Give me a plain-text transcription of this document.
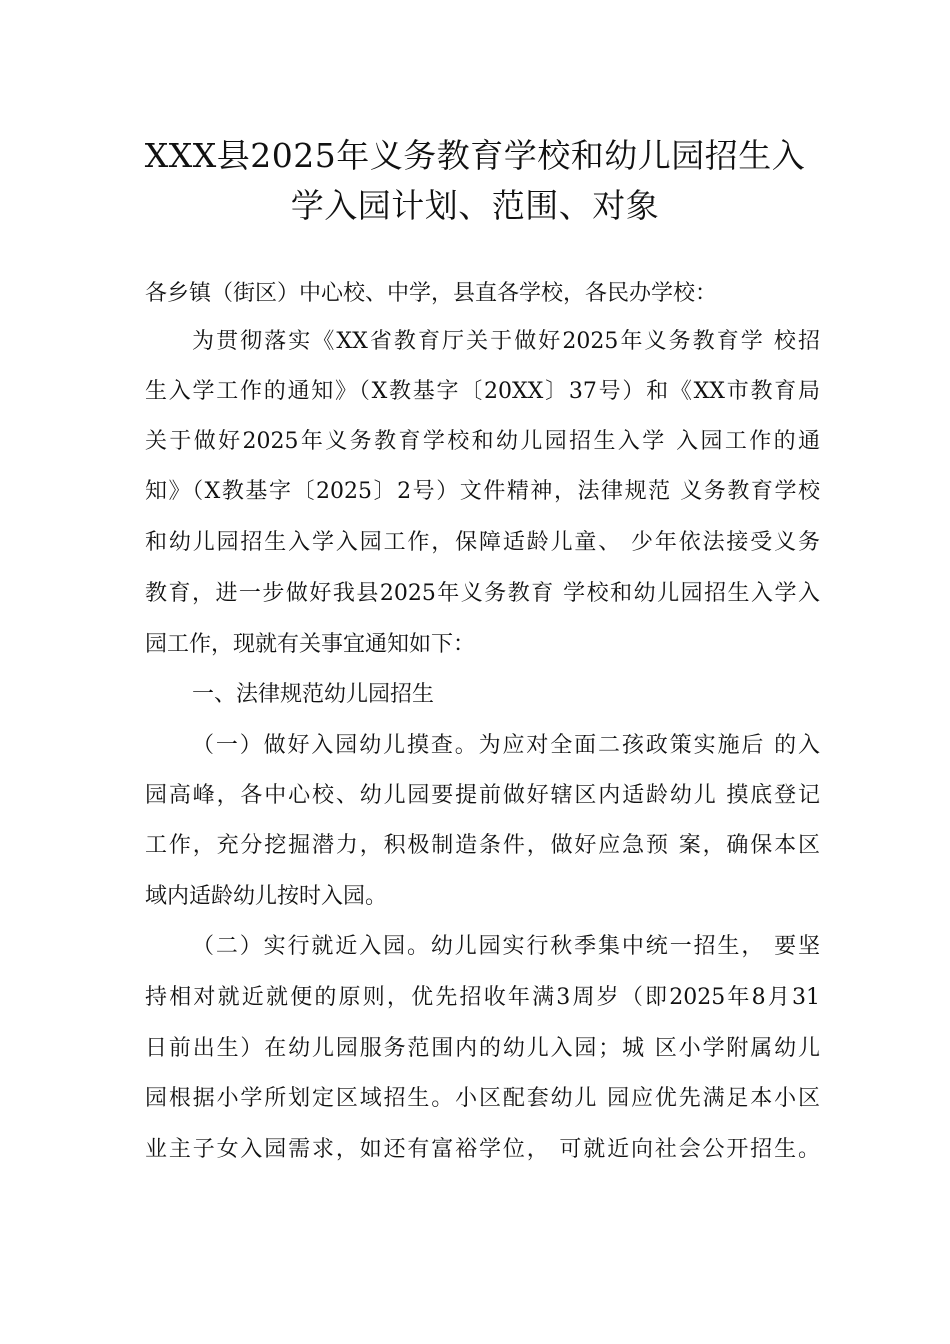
XXX县2025年义务教育学校和幼儿园招生入
学入园计划、范围、对象

各乡镇（街区）中心校、中学，县直各学校，各民办学校：

为贯彻落实《XX省教育厅关于做好2025年义务教育学 校招

生入学工作的通知》（X教基字〔20XX〕37号）和《XX市教育局

关于做好2025年义务教育学校和幼儿园招生入学 入园工作的通

知》（X教基字〔2025〕2号）文件精神，法律规范 义务教育学校

和幼儿园招生入学入园工作，保障适龄儿童、 少年依法接受义务

教育，进一步做好我县2025年义务教育 学校和幼儿园招生入学入

园工作，现就有关事宜通知如下：

一、法律规范幼儿园招生

（一）做好入园幼儿摸查。为应对全面二孩政策实施后 的入

园高峰，各中心校、幼儿园要提前做好辖区内适龄幼儿 摸底登记

工作，充分挖掘潜力，积极制造条件，做好应急预 案，确保本区

域内适龄幼儿按时入园。

（二）实行就近入园。幼儿园实行秋季集中统一招生， 要坚

持相对就近就便的原则，优先招收年满3周岁（即2025年8月31

日前出生）在幼儿园服务范围内的幼儿入园；城 区小学附属幼儿

园根据小学所划定区域招生。小区配套幼儿 园应优先满足本小区

业主子女入园需求，如还有富裕学位， 可就近向社会公开招生。
